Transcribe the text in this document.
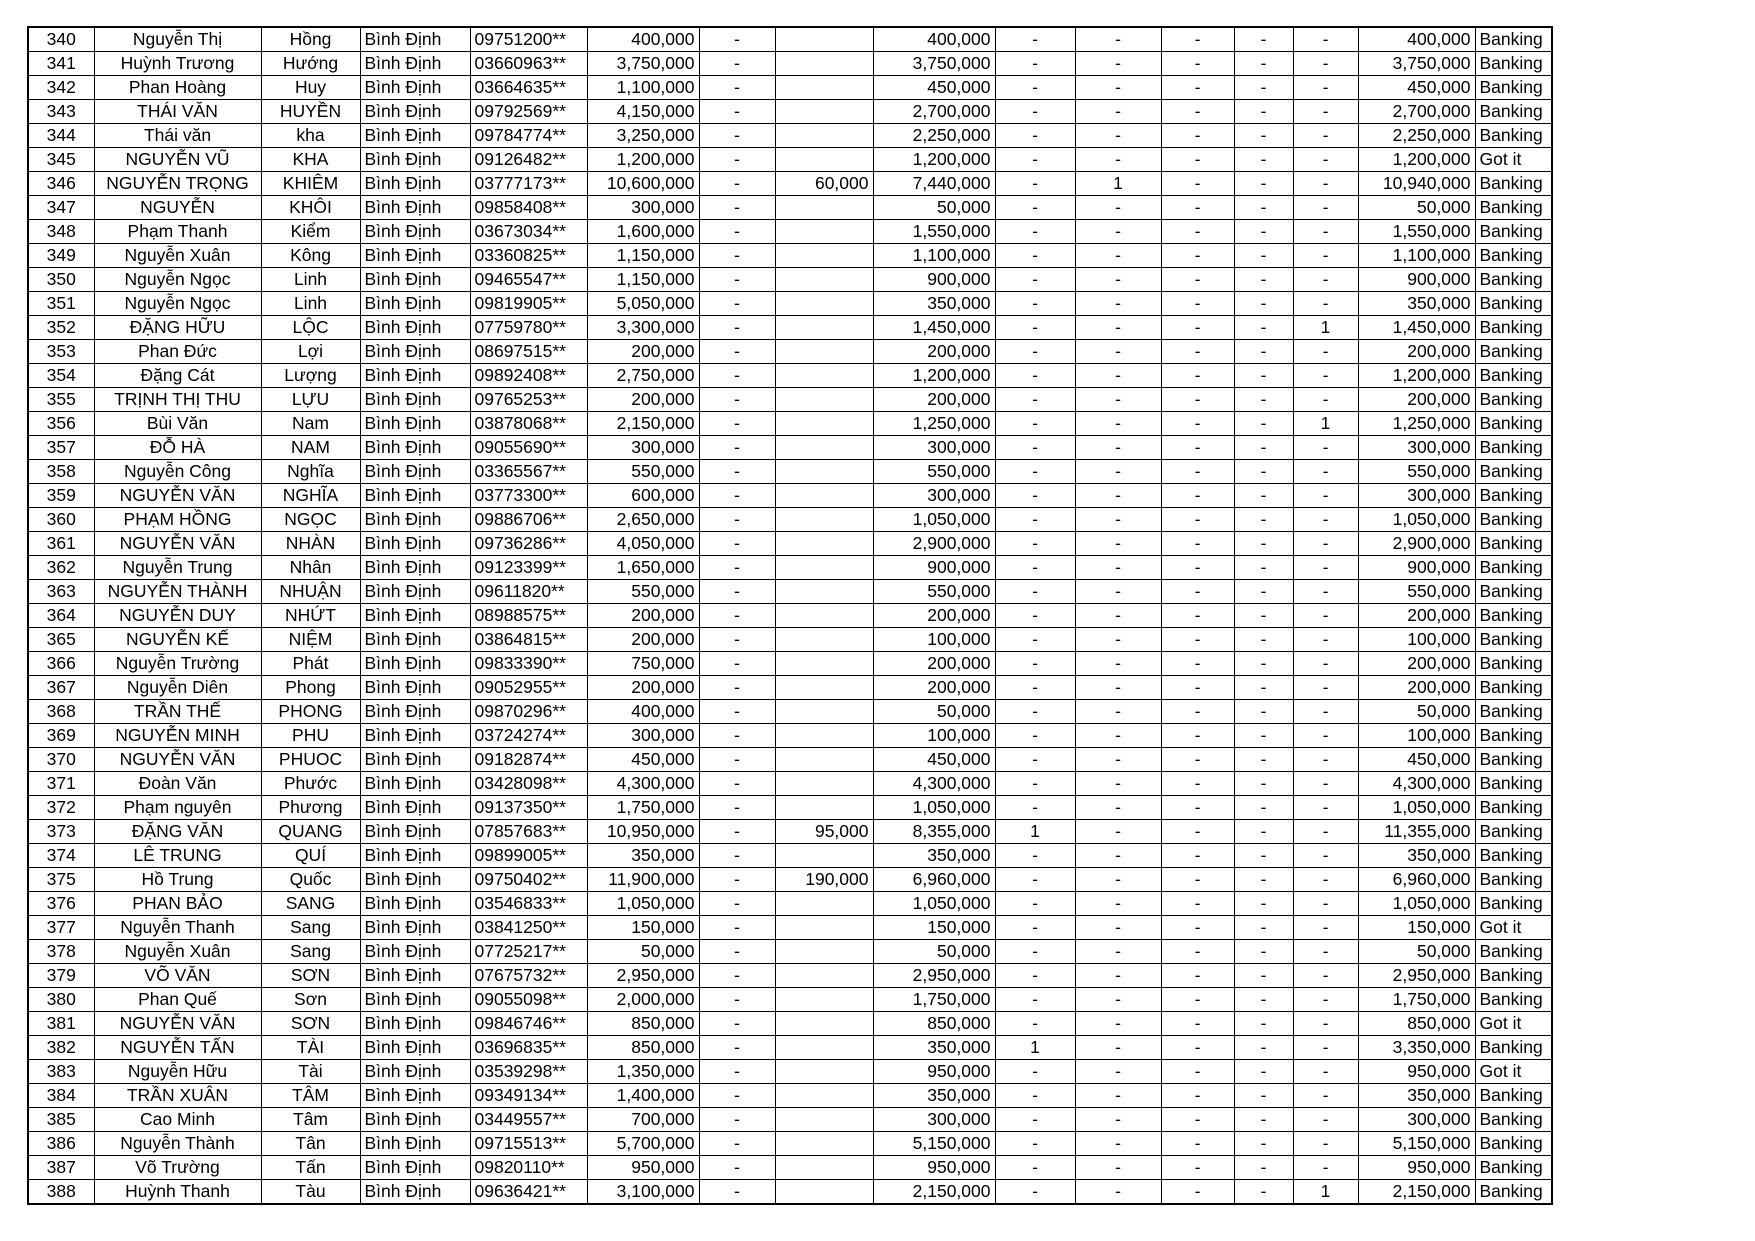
340	Nguyễn Thị	Hồng	Bình Định	09751200**	400,000	-		400,000	-	-	-	-	-	400,000	Banking
341	Huỳnh Trương	Hướng	Bình Định	03660963**	3,750,000	-		3,750,000	-	-	-	-	-	3,750,000	Banking
342	Phan Hoàng	Huy	Bình Định	03664635**	1,100,000	-		450,000	-	-	-	-	-	450,000	Banking
343	THÁI VĂN	HUYỀN	Bình Định	09792569**	4,150,000	-		2,700,000	-	-	-	-	-	2,700,000	Banking
344	Thái văn	kha	Bình Định	09784774**	3,250,000	-		2,250,000	-	-	-	-	-	2,250,000	Banking
345	NGUYỄN VŨ	KHA	Bình Định	09126482**	1,200,000	-		1,200,000	-	-	-	-	-	1,200,000	Got it
346	NGUYỄN TRỌNG	KHIÊM	Bình Định	03777173**	10,600,000	-	60,000	7,440,000	-	1	-	-	-	10,940,000	Banking
347	NGUYỄN	KHÔI	Bình Định	09858408**	300,000	-		50,000	-	-	-	-	-	50,000	Banking
348	Phạm Thanh	Kiểm	Bình Định	03673034**	1,600,000	-		1,550,000	-	-	-	-	-	1,550,000	Banking
349	Nguyễn Xuân	Kông	Bình Định	03360825**	1,150,000	-		1,100,000	-	-	-	-	-	1,100,000	Banking
350	Nguyễn Ngọc	Linh	Bình Định	09465547**	1,150,000	-		900,000	-	-	-	-	-	900,000	Banking
351	Nguyễn Ngọc	Linh	Bình Định	09819905**	5,050,000	-		350,000	-	-	-	-	-	350,000	Banking
352	ĐẶNG HỮU	LỘC	Bình Định	07759780**	3,300,000	-		1,450,000	-	-	-	-	1	1,450,000	Banking
353	Phan Đức	Lợi	Bình Định	08697515**	200,000	-		200,000	-	-	-	-	-	200,000	Banking
354	Đặng Cát	Lượng	Bình Định	09892408**	2,750,000	-		1,200,000	-	-	-	-	-	1,200,000	Banking
355	TRỊNH THỊ THU	LỰU	Bình Định	09765253**	200,000	-		200,000	-	-	-	-	-	200,000	Banking
356	Bùi Văn	Nam	Bình Định	03878068**	2,150,000	-		1,250,000	-	-	-	-	1	1,250,000	Banking
357	ĐỖ HÀ	NAM	Bình Định	09055690**	300,000	-		300,000	-	-	-	-	-	300,000	Banking
358	Nguyễn Công	Nghĩa	Bình Định	03365567**	550,000	-		550,000	-	-	-	-	-	550,000	Banking
359	NGUYỄN VĂN	NGHĨA	Bình Định	03773300**	600,000	-		300,000	-	-	-	-	-	300,000	Banking
360	PHẠM HỒNG	NGỌC	Bình Định	09886706**	2,650,000	-		1,050,000	-	-	-	-	-	1,050,000	Banking
361	NGUYỄN VĂN	NHÀN	Bình Định	09736286**	4,050,000	-		2,900,000	-	-	-	-	-	2,900,000	Banking
362	Nguyễn Trung	Nhân	Bình Định	09123399**	1,650,000	-		900,000	-	-	-	-	-	900,000	Banking
363	NGUYỄN THÀNH	NHUẬN	Bình Định	09611820**	550,000	-		550,000	-	-	-	-	-	550,000	Banking
364	NGUYỄN DUY	NHỨT	Bình Định	08988575**	200,000	-		200,000	-	-	-	-	-	200,000	Banking
365	NGUYỄN KẾ	NIỆM	Bình Định	03864815**	200,000	-		100,000	-	-	-	-	-	100,000	Banking
366	Nguyễn Trường	Phát	Bình Định	09833390**	750,000	-		200,000	-	-	-	-	-	200,000	Banking
367	Nguyễn Diên	Phong	Bình Định	09052955**	200,000	-		200,000	-	-	-	-	-	200,000	Banking
368	TRẦN THẾ	PHONG	Bình Định	09870296**	400,000	-		50,000	-	-	-	-	-	50,000	Banking
369	NGUYỄN MINH	PHU	Bình Định	03724274**	300,000	-		100,000	-	-	-	-	-	100,000	Banking
370	NGUYỄN VĂN	PHUOC	Bình Định	09182874**	450,000	-		450,000	-	-	-	-	-	450,000	Banking
371	Đoàn Văn	Phước	Bình Định	03428098**	4,300,000	-		4,300,000	-	-	-	-	-	4,300,000	Banking
372	Phạm nguyên	Phương	Bình Định	09137350**	1,750,000	-		1,050,000	-	-	-	-	-	1,050,000	Banking
373	ĐẶNG VĂN	QUANG	Bình Định	07857683**	10,950,000	-	95,000	8,355,000	1	-	-	-	-	11,355,000	Banking
374	LÊ TRUNG	QUÍ	Bình Định	09899005**	350,000	-		350,000	-	-	-	-	-	350,000	Banking
375	Hồ Trung	Quốc	Bình Định	09750402**	11,900,000	-	190,000	6,960,000	-	-	-	-	-	6,960,000	Banking
376	PHAN BẢO	SANG	Bình Định	03546833**	1,050,000	-		1,050,000	-	-	-	-	-	1,050,000	Banking
377	Nguyễn Thanh	Sang	Bình Định	03841250**	150,000	-		150,000	-	-	-	-	-	150,000	Got it
378	Nguyễn Xuân	Sang	Bình Định	07725217**	50,000	-		50,000	-	-	-	-	-	50,000	Banking
379	VÕ VĂN	SƠN	Bình Định	07675732**	2,950,000	-		2,950,000	-	-	-	-	-	2,950,000	Banking
380	Phan Quế	Sơn	Bình Định	09055098**	2,000,000	-		1,750,000	-	-	-	-	-	1,750,000	Banking
381	NGUYỄN VĂN	SƠN	Bình Định	09846746**	850,000	-		850,000	-	-	-	-	-	850,000	Got it
382	NGUYỄN TẤN	TÀI	Bình Định	03696835**	850,000	-		350,000	1	-	-	-	-	3,350,000	Banking
383	Nguyễn Hữu	Tài	Bình Định	03539298**	1,350,000	-		950,000	-	-	-	-	-	950,000	Got it
384	TRẦN XUÂN	TÂM	Bình Định	09349134**	1,400,000	-		350,000	-	-	-	-	-	350,000	Banking
385	Cao Minh	Tâm	Bình Định	03449557**	700,000	-		300,000	-	-	-	-	-	300,000	Banking
386	Nguyễn Thành	Tân	Bình Định	09715513**	5,700,000	-		5,150,000	-	-	-	-	-	5,150,000	Banking
387	Võ Trường	Tấn	Bình Định	09820110**	950,000	-		950,000	-	-	-	-	-	950,000	Banking
388	Huỳnh Thanh	Tàu	Bình Định	09636421**	3,100,000	-		2,150,000	-	-	-	-	1	2,150,000	Banking
